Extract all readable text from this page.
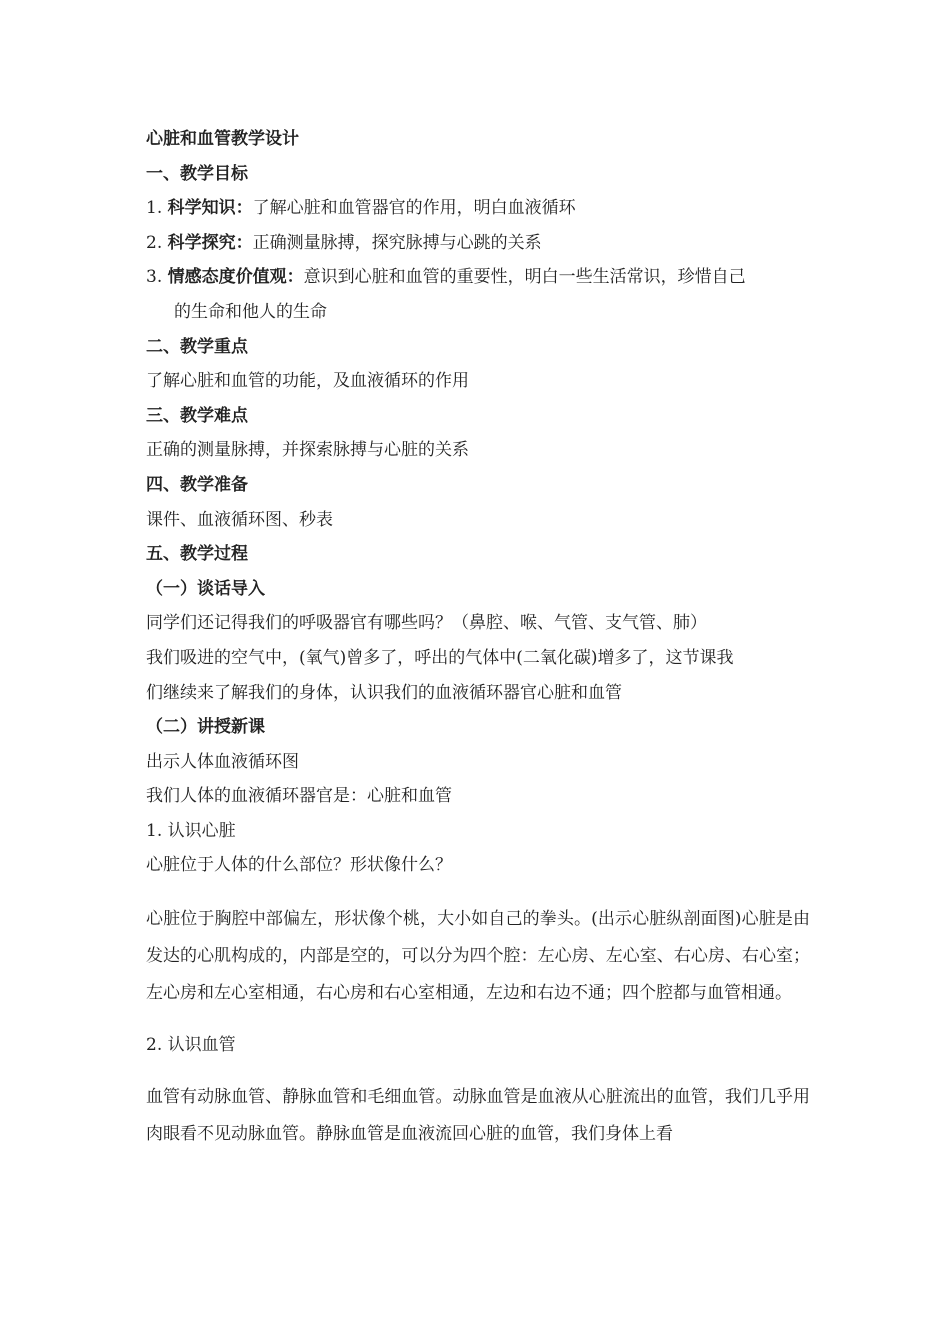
心脏和血管教学设计
一、教学目标
1. 科学知识：了解心脏和血管器官的作用，明白血液循环
2. 科学探究：正确测量脉搏，探究脉搏与心跳的关系
3. 情感态度价值观：意识到心脏和血管的重要性，明白一些生活常识，珍惜自己
的生命和他人的生命
二、教学重点
了解心脏和血管的功能，及血液循环的作用
三、教学难点
正确的测量脉搏，并探索脉搏与心脏的关系
四、教学准备
课件、血液循环图、秒表
五、教学过程
（一）谈话导入
同学们还记得我们的呼吸器官有哪些吗？（鼻腔、喉、气管、支气管、肺）
我们吸进的空气中，(氧气)曾多了，呼出的气体中(二氧化碳)增多了，这节课我
们继续来了解我们的身体，认识我们的血液循环器官心脏和血管
（二）讲授新课
出示人体血液循环图
我们人体的血液循环器官是：心脏和血管
1. 认识心脏
心脏位于人体的什么部位？形状像什么？

心脏位于胸腔中部偏左，形状像个桃，大小如自己的拳头。(出示心脏纵剖面图)心脏是由发达的心肌构成的，内部是空的，可以分为四个腔：左心房、左心室、右心房、右心室；左心房和左心室相通，右心房和右心室相通，左边和右边不通；四个腔都与血管相通。

2. 认识血管

血管有动脉血管、静脉血管和毛细血管。动脉血管是血液从心脏流出的血管，我们几乎用肉眼看不见动脉血管。静脉血管是血液流回心脏的血管，我们身体上看
